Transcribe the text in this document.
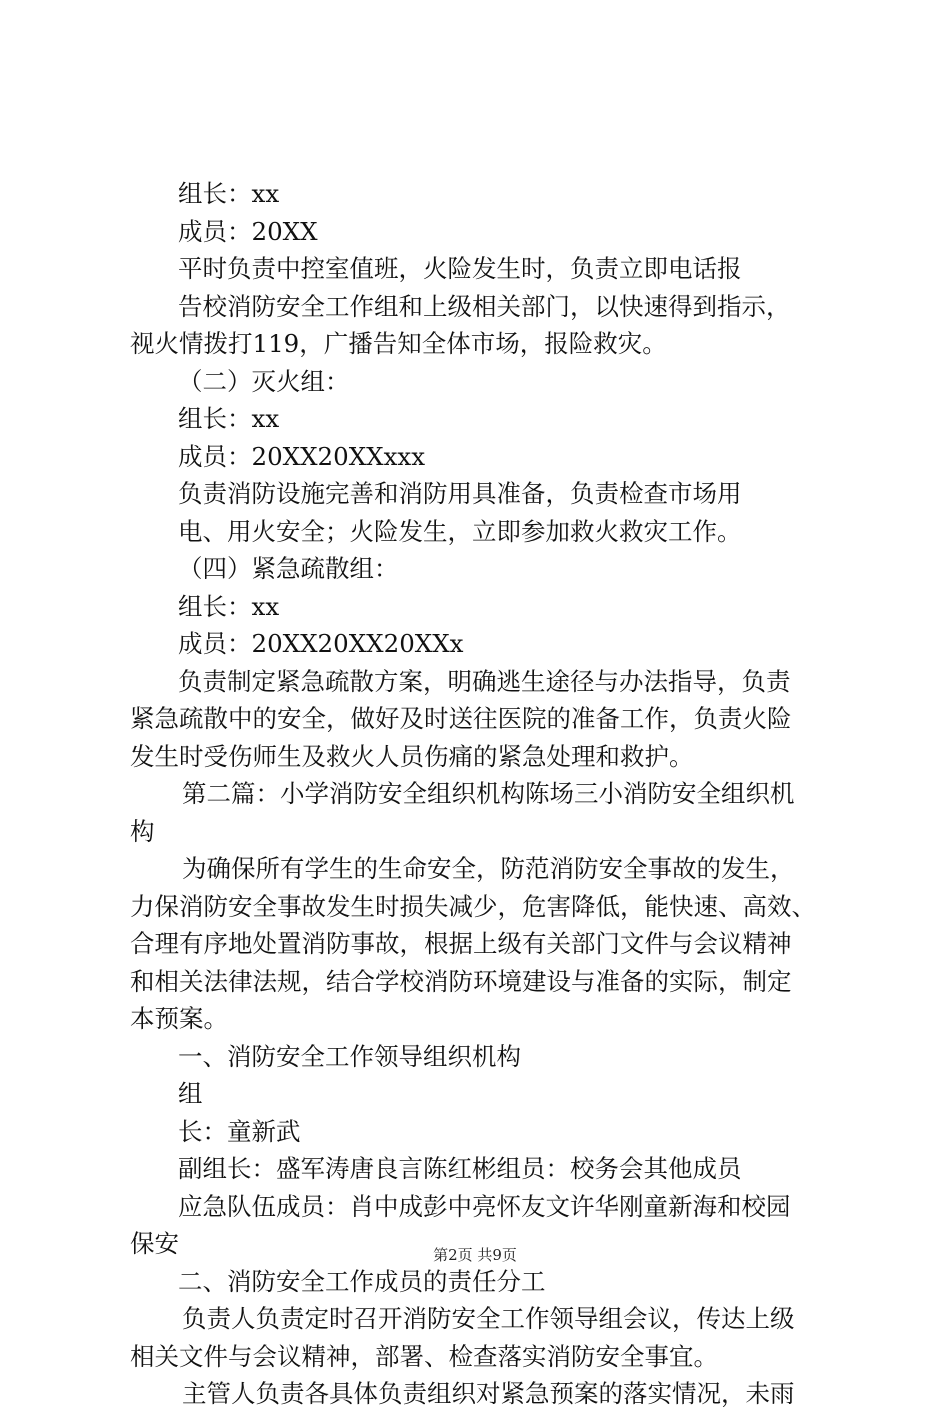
组长：xx
成员：20XX
平时负责中控室值班，火险发生时，负责立即电话报
告校消防安全工作组和上级相关部门，以快速得到指示，
视火情拨打119，广播告知全体市场，报险救灾。
（二）灭火组：
组长：xx
成员：20XX20XXxxx
负责消防设施完善和消防用具准备，负责检查市场用
电、用火安全；火险发生，立即参加救火救灾工作。
（四）紧急疏散组：
组长：xx
成员：20XX20XX20XXx
负责制定紧急疏散方案，明确逃生途径与办法指导，负责
紧急疏散中的安全，做好及时送往医院的准备工作，负责火险
发生时受伤师生及救火人员伤痛的紧急处理和救护。
第二篇：小学消防安全组织机构陈场三小消防安全组织机
构
为确保所有学生的生命安全，防范消防安全事故的发生，
力保消防安全事故发生时损失减少，危害降低，能快速、高效、
合理有序地处置消防事故，根据上级有关部门文件与会议精神
和相关法律法规，结合学校消防环境建设与准备的实际，制定
本预案。
一、消防安全工作领导组织机构
组
长：童新武
副组长：盛军涛唐良言陈红彬组员：校务会其他成员
应急队伍成员：肖中成彭中亮怀友文许华刚童新海和校园
保安
二、消防安全工作成员的责任分工
负责人负责定时召开消防安全工作领导组会议，传达上级
相关文件与会议精神，部署、检查落实消防安全事宜。
主管人负责各具体负责组织对紧急预案的落实情况，未雨
第2页 共9页
